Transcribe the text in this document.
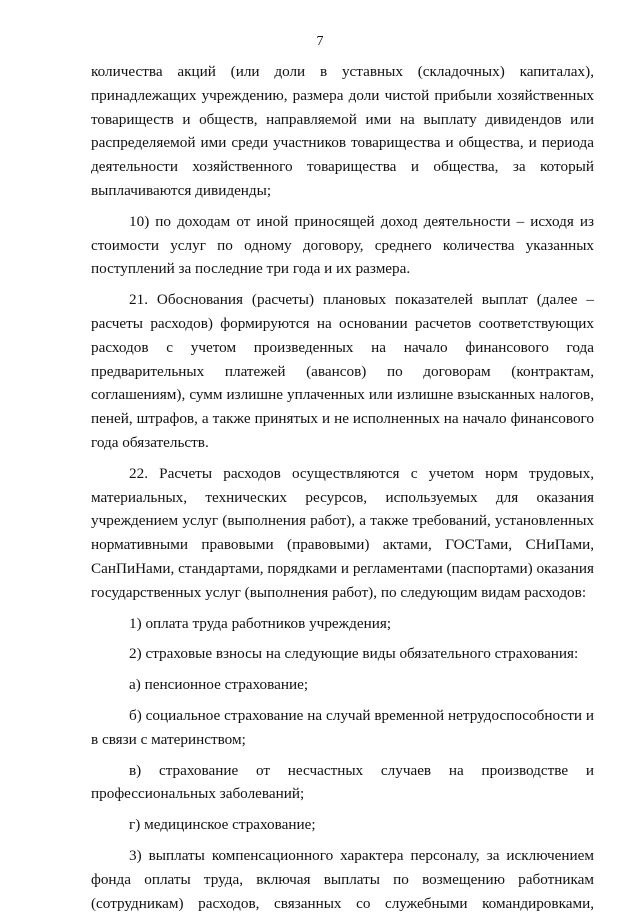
7

количества акций (или доли в уставных (складочных) капиталах), принадлежащих учреждению, размера доли чистой прибыли хозяйственных товариществ и обществ, направляемой ими на выплату дивидендов или распределяемой ими среди участников товарищества и общества, и периода деятельности хозяйственного товарищества и общества, за который выплачиваются дивиденды;

10) по доходам от иной приносящей доход деятельности – исходя из стоимости услуг по одному договору, среднего количества указанных поступлений за последние три года и их размера.

21. Обоснования (расчеты) плановых показателей выплат (далее – расчеты расходов) формируются на основании расчетов соответствующих расходов с учетом произведенных на начало финансового года предварительных платежей (авансов) по договорам (контрактам, соглашениям), сумм излишне уплаченных или излишне взысканных налогов, пеней, штрафов, а также принятых и не исполненных на начало финансового года обязательств.

22. Расчеты расходов осуществляются с учетом норм трудовых, материальных, технических ресурсов, используемых для оказания учреждением услуг (выполнения работ), а также требований, установленных нормативными правовыми (правовыми) актами, ГОСТами, СНиПами, СанПиНами, стандартами, порядками и регламентами (паспортами) оказания государственных услуг (выполнения работ), по следующим видам расходов:

1) оплата труда работников учреждения;

2) страховые взносы на следующие виды обязательного страхования:

а) пенсионное страхование;

б) социальное страхование на случай временной нетрудоспособности и в связи с материнством;

в) страхование от несчастных случаев на производстве и профессиональных заболеваний;

г) медицинское страхование;

3) выплаты компенсационного характера персоналу, за исключением фонда оплаты труда, включая выплаты по возмещению работникам (сотрудникам) расходов, связанных со служебными командировками,
